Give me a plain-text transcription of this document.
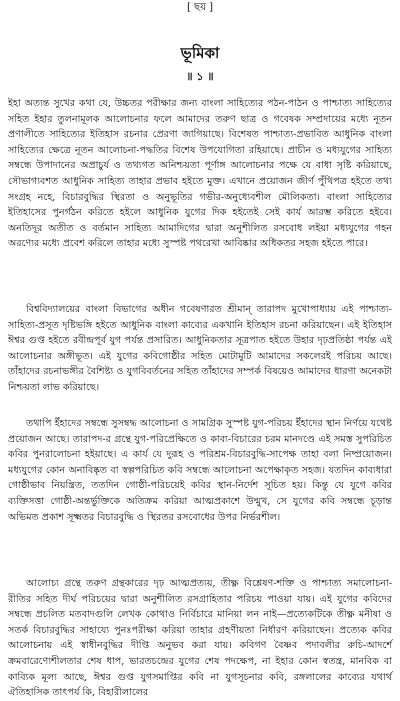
[ ছয় ]
ভূমিকা
॥ ১ ॥

ইহা অত্যন্ত সুখের কথা যে, উচ্চতর পরীক্ষার জন্য বাংলা সাহিত্যের পঠন-পাঠন ও পাশ্চাত্য সাহিত্যের সহিত ইহার তুলনামূলক আলোচনার ফলে আমাদের তরুণ ছাত্র ও গবেষক সম্প্রদায়ের মধ্যে নূতন প্রণালীতে সাহিত্যের ইতিহাস রচনার প্রেরণা জাগিয়াছে। বিশেষত পাশ্চাত্য-প্রভাবিত আধুনিক বাংলা সাহিত্যের ক্ষেত্রে নূতন আলোচনা-পদ্ধতির বিশেষ উপযোগিতা রহিয়াছে। প্রাচীন ও মধ্যযুগের সাহিত্য সম্বন্ধে উপাদানের অপ্রাচুর্য ও তথ্যগত অনিশ্চয়তা পূর্ণাঙ্গ আলোচনার পক্ষে যে বাধা সৃষ্টি করিয়াছে, সৌভাগ্যবশত আধুনিক সাহিত্য তাহার প্রভাব হইতে মুক্ত। এখানে প্রয়োজন জীর্ণ পুঁথিপত্র হইতে তথ্য সংগ্রহ নহে, বিচারবুদ্ধির স্থিরতা ও অনুভূতির গভীর-অনুধ্যেবশীল মৌলিকতা। বাংলা সাহিত্যের ইতিহাসের পুনর্গঠন করিতে হইলে আধুনিক যুগের দিক হইতেই সেই কার্য আরম্ভ করিতে হইবে। অনতিদূর অতীত ও বর্তমান সাহিত্য আমাদিগের দ্বারা অনুশীলিত রসবোধ লইয়া মধ্যযুগের গহন অরণ্যের মধ্যে প্রবেশ করিলে তাহার মধ্যে সুস্পষ্ট পথরেখা আবিষ্কার অধিকতর সহজ হইতে পারে।

বিশ্ববিদ্যালয়ের বাংলা বিভাগের অধীন গবেষণারত শ্রীমান্‌ তারাপদ মুখোপাধ্যায় এই পাশ্চাত্য-সাহিত্য-প্রসূত দৃষ্টিভঙ্গি হইতে আধুনিক বাংলা কাব্যের একখানি ইতিহাস রচনা করিয়াছেন। এই ইতিহাস ঈশ্বর গুপ্ত হইতে রবীন্দ্রপূর্ব যুগ পর্যন্ত প্রসারিত। আধুনিকতার সূত্রপাত হইতে উহার দৃঢ়প্রতিষ্ঠা পর্যন্ত এই আলোচনার অঙ্গীভূত। এই যুগের কবিগোষ্ঠীর সহিত মোটামুটি আমাদের সকলেরই পরিচয় আছে। তাঁহাদের রচনাভঙ্গীর বৈশিষ্ট্য ও যুগবিবর্তনের সহিত তাঁহাদের সম্পর্ক বিষয়েও আমাদের ধারণা অনেকটা নিশ্চয়তা লাভ করিয়াছে।

তথাপি ইঁহাদের সম্বন্ধে সুসম্বদ্ধ আলোচনা ও সামগ্রিক সুস্পষ্ট যুগ-পরিচয় ইঁহাদের স্থান নির্ণয়ে যথেষ্ট প্রয়োজন আছে। তারাপদ-র গ্রন্থে যুগ-পরিপ্রেক্ষিতে ও কাব্য-বিচারের চরম মানদণ্ডে এই সমস্ত সুপরিচিত কবির পুনরালোচনা হইয়াছে। এ কার্য যে দুরূহ ও পরিশ্রম-বিচারবুদ্ধি-সাপেক্ষ তাহা বলা নিষ্প্রয়োজন। মধ্যযুগের কোন অনাবিষ্কৃত বা স্বল্পপরিচিত কবি সম্বন্ধে আলোচনা অপেক্ষাকৃত সহজ। যতদিন কাব্যধারা গোষ্ঠীভাব নিয়ন্ত্রিত, ততদিন গোষ্ঠী-পরিচয়েই কবির স্থান-নির্দেশ সূচিত হয়। কিন্তু যে যুগে কবির ব্যক্তিসত্তা গোষ্ঠী-অন্তর্ভুক্তিকে অতিক্রম করিয়া আত্মপ্রকাশে উন্মুখ, সে যুগের কবি সম্বন্ধে চূড়ান্ত অভিমত প্রকাশ সূক্ষ্মতর বিচারবুদ্ধি ও স্থিরতর রসবোধের উপর নির্ভরশীল।

আলোচ্য গ্রন্থে তরুণ গ্রন্থকারের দৃঢ় আত্মপ্রত্যয়, তীক্ষ্ণ বিশ্লেষণ-শক্তি ও পাশ্চাত্য সমালোচনা-রীতির সহিত দীর্ঘ পরিচয়ের দ্বারা অনুশীলিত রসগ্রাহিতার পরিচয় পাওয়া যায়। এই যুগের কবিদের সম্বন্ধে প্রচলিত মতবাদগুলি লেখক কোথাও নির্বিচারে মানিয়া লন নাই—প্রত্যেকটিকে তীক্ষ্ণ মনীষা ও সতর্ক বিচারবুদ্ধির সাহায্যে পুনঃপরীক্ষা করিয়া তাহার গ্রহণীয়তা নির্ধারণ করিয়াছেন। প্রত্যেক কবির আলোচনায় এই স্বাধীনবুদ্ধির দীপ্তি অনুভব করা যায়। কবিগণ বৈষ্ণব পদাবলীর রুচি-আদর্শে ক্রমবারেণ্যেশীলতার শেষ ধাপ, ভারতচন্দ্রের যুগের শেষ পদক্ষেপ, না ইহার কোন স্বতন্ত্র, মানবিক বা কাব্যিক মূল্য আছে, ঈশ্বর গুপ্ত যুগসমাপ্তির কবি না যুগসূচনার কবি, রঙ্গলালের কাব্যের যথার্থ ঐতিহাসিক তাৎপর্য কি, বিহারীলালের
